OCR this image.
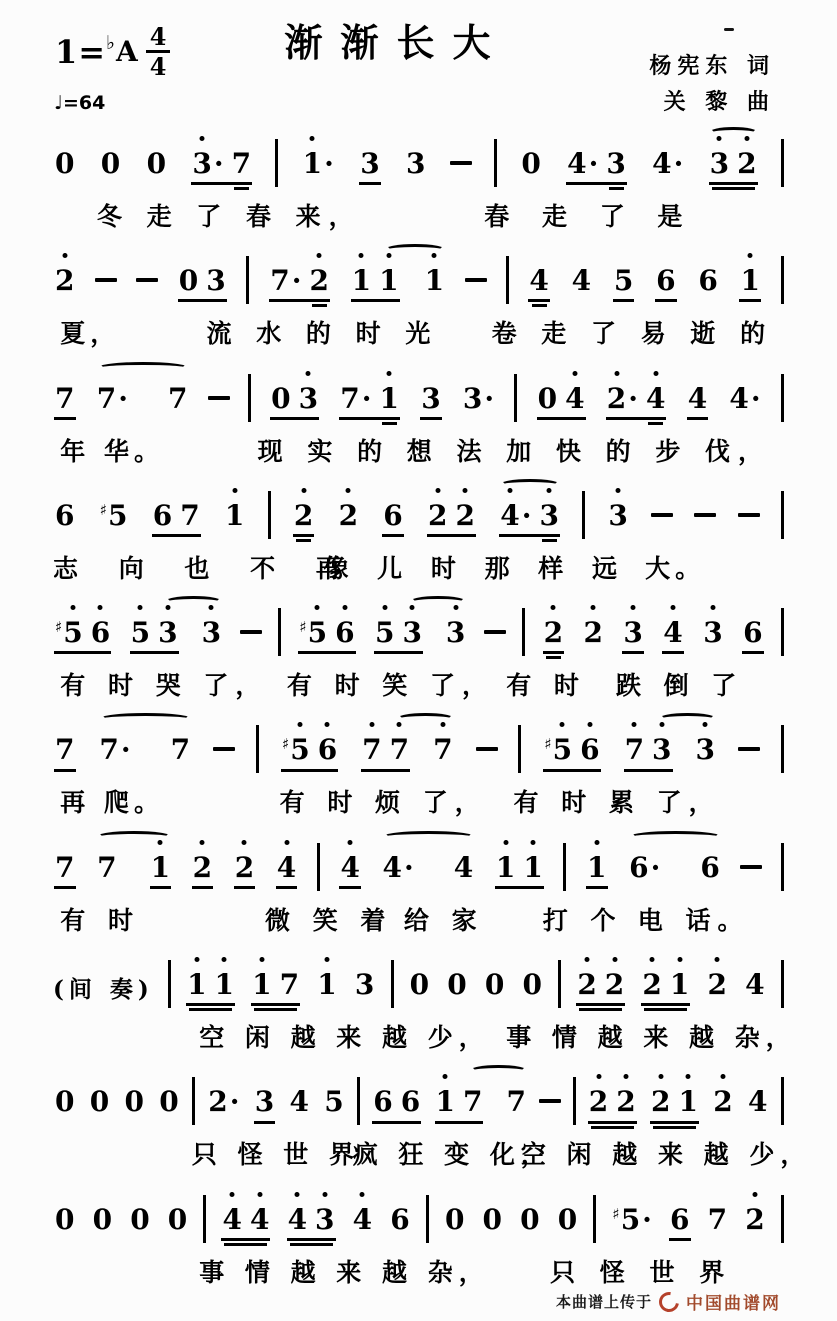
1= ♭ A $\frac{4}{4}$
♩=64
渐渐长大
杨宪东 词
关 黎 曲
0 0 0 3
· 7 1
· 3 3	0 4· 3 4· 3 2
冬 走 了 春 来，	春 走 了 是
2	0 3 7· 2 1 1 1	4 4 5 6 6 1
夏，	流 水 的 时 光 卷 走 了 易 逝 的
7 7· 7	0 3 7· 1 3 3· 0 4 2
· 4 4 4·
年 华。	现 实 的 想 法 加 快 的 步 伐，
6 ♯5 6 7 1 2 2 6 2 2 4
· 3 3
志 向 也 不 再
像 儿 时 那 样 远 大。
♯5 6 5 3 3	♯5 6 5 3 3	2 2 3 4 3 6
有 时 哭 了， 有 时 笑 了， 有 时 跌 倒 了
7 7· 7	♯5 6 7 7 7	♯5 6 7 3 3
再 爬。	有 时 烦 了， 有 时 累 了，
7 7 1 2 2 4 4 4· 4 1 1 1 6· 6
有 时	微 笑 着 给 家 打 个 电 话。
(间 奏) 1 1 1 7 1 3 0 0 0 0 2 2 2 1 2 4
空 闲 越 来 越 少， 事 情 越 来 越 杂，
0 0 0 0 2· 3 4 5 6 6 1 7 7 2 2 2 1 2 4
只 怪 世 界
疯 狂 变 化，
空 闲 越 来 越 少，
0 0 0 0 4 4 4 3 4 6 0 0 0 0 ♯5· 6 7 2
事 情 越 来 越 杂， 只 怪 世 界
本曲谱上传于 中国曲谱网
